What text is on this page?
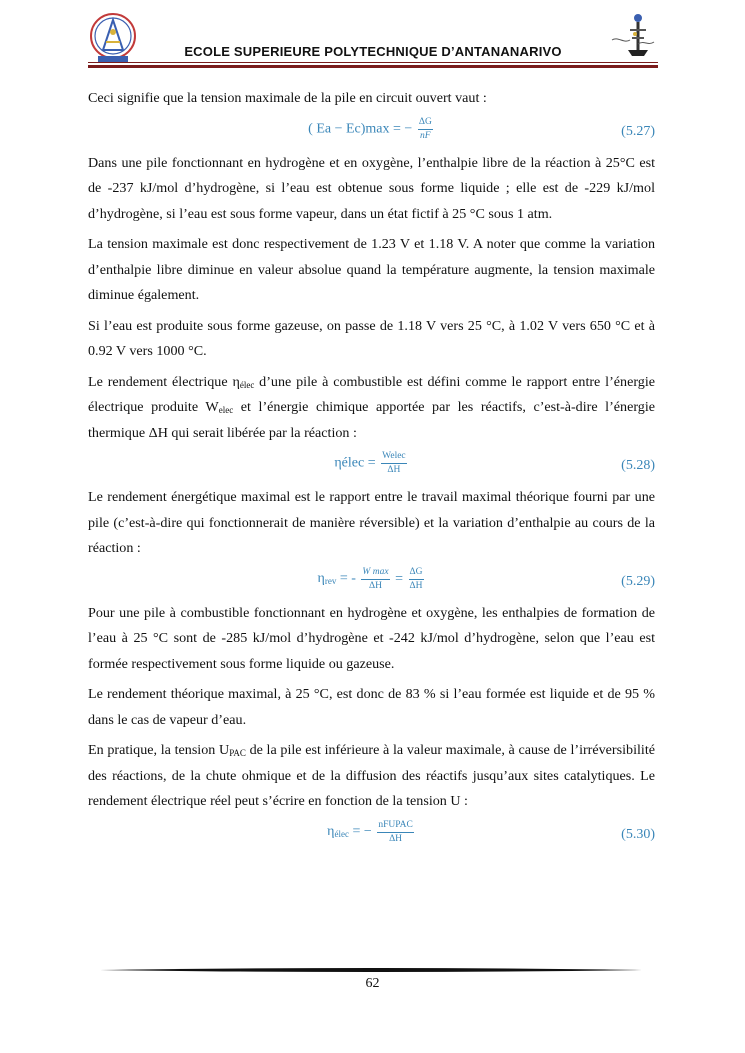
ECOLE SUPERIEURE POLYTECHNIQUE D’ANTANANARIVO

Ceci signifie que la tension maximale de la pile en circuit ouvert vaut :

( Ea − Ec)max = − $\frac{\Delta G}{nF}$	(5.27)

Dans une pile fonctionnant en hydrogène et en oxygène, l’enthalpie libre de la réaction à 25°C est de -237 kJ/mol d’hydrogène, si l’eau est obtenue sous forme liquide ; elle est de -229 kJ/mol d’hydrogène, si l’eau est sous forme vapeur, dans un état fictif à 25 °C sous 1 atm.

La tension maximale est donc respectivement de 1.23 V et 1.18 V. A noter que comme la variation d’enthalpie libre diminue en valeur absolue quand la température augmente, la tension maximale diminue également.

Si l’eau est produite sous forme gazeuse, on passe de 1.18 V vers 25 °C, à 1.02 V vers 650 °C et à 0.92 V vers 1000 °C.

Le rendement électrique $\eta_{élec}$ d’une pile à combustible est défini comme le rapport entre l’énergie électrique produite $W_{elec}$ et l’énergie chimique apportée par les réactifs, c’est-à-dire l’énergie thermique ΔH qui serait libérée par la réaction :

ηélec = $\frac{\text{Welec}}{\Delta H}$	(5.28)

Le rendement énergétique maximal est le rapport entre le travail maximal théorique fourni par une pile (c’est-à-dire qui fonctionnerait de manière réversible) et la variation d’enthalpie au cours de la réaction :

$\eta_{rev}$ = - $\frac{\text{W max}}{\Delta H} = \frac{\Delta G}{\Delta H}$	(5.29)

Pour une pile à combustible fonctionnant en hydrogène et oxygène, les enthalpies de formation de l’eau à 25 °C sont de -285 kJ/mol d’hydrogène et -242 kJ/mol d’hydrogène, selon que l’eau est formée respectivement sous forme liquide ou gazeuse.

Le rendement théorique maximal, à 25 °C, est donc de 83 % si l’eau formée est liquide et de 95 % dans le cas de vapeur d’eau.

En pratique, la tension $U_{PAC}$ de la pile est inférieure à la valeur maximale, à cause de l’irréversibilité des réactions, de la chute ohmique et de la diffusion des réactifs jusqu’aux sites catalytiques. Le rendement électrique réel peut s’écrire en fonction de la tension U :

$\eta_{élec}$ = − $\frac{\text{nFUPAC}}{\Delta H}$	(5.30)
62
